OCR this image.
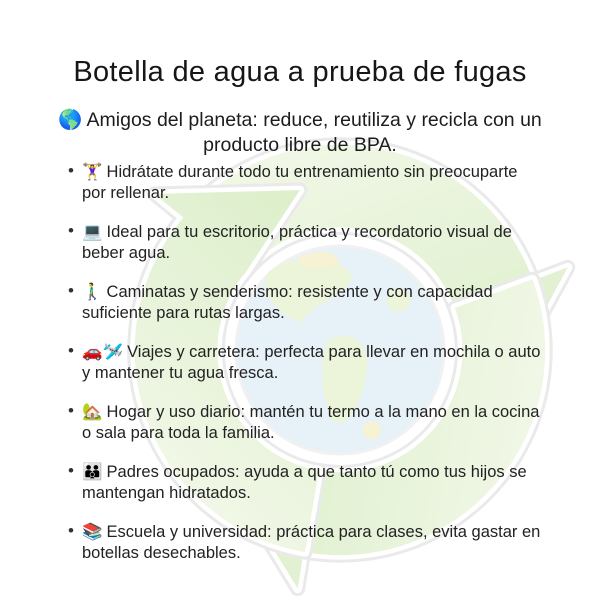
Botella de agua a prueba de fugas

🌎 Amigos del planeta: reduce, reutiliza y recicla con un producto libre de BPA.

• 🏋️‍♀️ Hidrátate durante todo tu entrenamiento sin preocuparte por rellenar.
• 💻 Ideal para tu escritorio, práctica y recordatorio visual de beber agua.
• 🚶‍♂️ Caminatas y senderismo: resistente y con capacidad suficiente para rutas largas.
• 🚗🛩️ Viajes y carretera: perfecta para llevar en mochila o auto y mantener tu agua fresca.
• 🏡 Hogar y uso diario: mantén tu termo a la mano en la cocina o sala para toda la familia.
• 👪 Padres ocupados: ayuda a que tanto tú como tus hijos se mantengan hidratados.
• 📚 Escuela y universidad: práctica para clases, evita gastar en botellas desechables.
